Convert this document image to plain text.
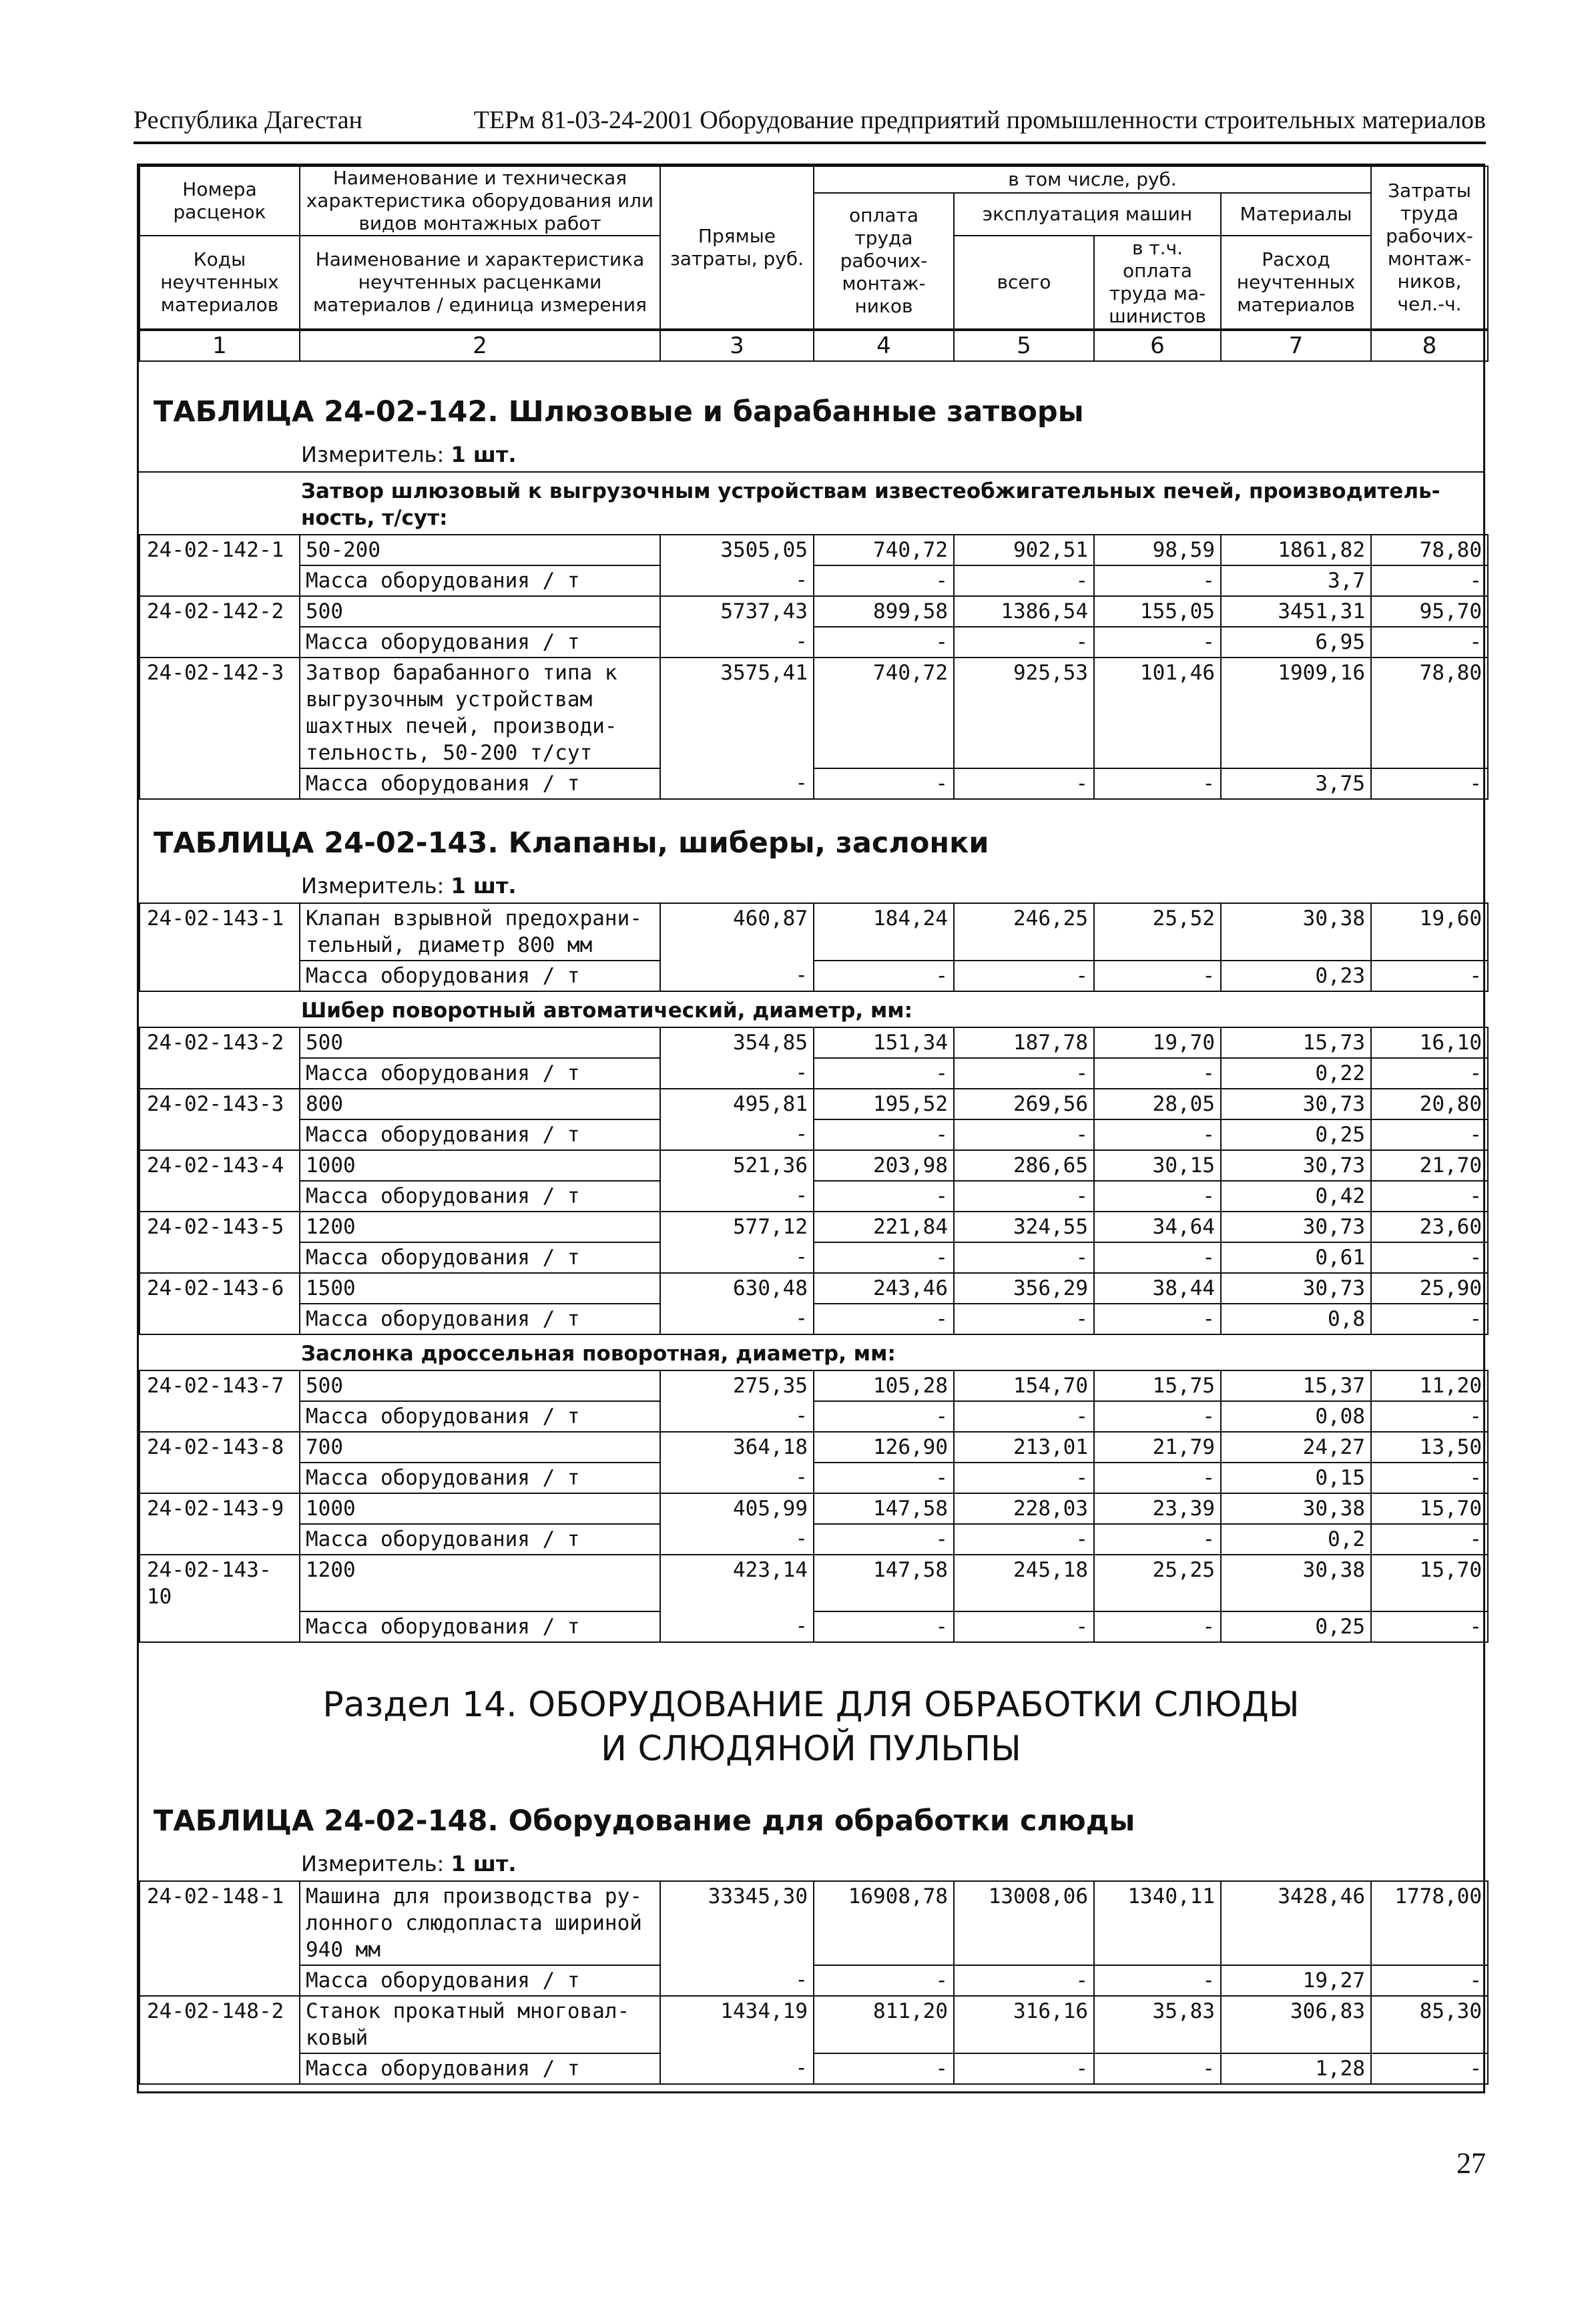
Республика Дагестан	ТЕРм 81-03-24-2001 Оборудование предприятий промышленности строительных материалов
Номера расценок	Наименование и техническая характеристика оборудования или видов монтажных работ	Прямые затраты, руб.	в том числе, руб.				Затраты труда рабочих-монтаж-ников, чел.-ч.
			оплата труда рабочих-монтаж-ников	эксплуатация машин		Материалы	
Коды неучтенных материалов	Наименование и характеристика неучтенных расценками материалов / единица измерения			всего	в т.ч. оплата труда ма-шинистов	Расход неучтенных материалов	

1	2	3	4	5	6	7	8
ТАБЛИЦА 24-02-142. Шлюзовые и барабанные затворы
Измеритель: 1 шт.
Затвор шлюзовый к выгрузочным устройствам известеобжигательных печей, производитель-ность, т/сут:
24-02-142-1	50-200	3505,05	740,72	902,51	98,59	1861,82	78,80
	Масса оборудования / т	-	-	-	-	3,7	-
24-02-142-2	500	5737,43	899,58	1386,54	155,05	3451,31	95,70
	Масса оборудования / т	-	-	-	-	6,95	-
24-02-142-3	Затвор барабанного типа к выгрузочным устройствам шахтных печей, производи-тельность, 50-200 т/сут	3575,41	740,72	925,53	101,46	1909,16	78,80
	Масса оборудования / т	-	-	-	-	3,75	-
ТАБЛИЦА 24-02-143. Клапаны, шиберы, заслонки
Измеритель: 1 шт.
24-02-143-1	Клапан взрывной предохрани-тельный, диаметр 800 мм	460,87	184,24	246,25	25,52	30,38	19,60
	Масса оборудования / т	-	-	-	-	0,23	-
Шибер поворотный автоматический, диаметр, мм:
24-02-143-2	500	354,85	151,34	187,78	19,70	15,73	16,10
	Масса оборудования / т	-	-	-	-	0,22	-
24-02-143-3	800	495,81	195,52	269,56	28,05	30,73	20,80
	Масса оборудования / т	-	-	-	-	0,25	-
24-02-143-4	1000	521,36	203,98	286,65	30,15	30,73	21,70
	Масса оборудования / т	-	-	-	-	0,42	-
24-02-143-5	1200	577,12	221,84	324,55	34,64	30,73	23,60
	Масса оборудования / т	-	-	-	-	0,61	-
24-02-143-6	1500	630,48	243,46	356,29	38,44	30,73	25,90
	Масса оборудования / т	-	-	-	-	0,8	-
Заслонка дроссельная поворотная, диаметр, мм:
24-02-143-7	500	275,35	105,28	154,70	15,75	15,37	11,20
	Масса оборудования / т	-	-	-	-	0,08	-
24-02-143-8	700	364,18	126,90	213,01	21,79	24,27	13,50
	Масса оборудования / т	-	-	-	-	0,15	-
24-02-143-9	1000	405,99	147,58	228,03	23,39	30,38	15,70
	Масса оборудования / т	-	-	-	-	0,2	-
24-02-143-10	1200	423,14	147,58	245,18	25,25	30,38	15,70
	Масса оборудования / т	-	-	-	-	0,25	-
Раздел 14. ОБОРУДОВАНИЕ ДЛЯ ОБРАБОТКИ СЛЮДЫ
И СЛЮДЯНОЙ ПУЛЬПЫ
ТАБЛИЦА 24-02-148. Оборудование для обработки слюды
Измеритель: 1 шт.
24-02-148-1	Машина для производства ру-лонного слюдопласта шириной 940 мм	33345,30	16908,78	13008,06	1340,11	3428,46	1778,00
	Масса оборудования / т	-	-	-	-	19,27	-
24-02-148-2	Станок прокатный многовал-ковый	1434,19	811,20	316,16	35,83	306,83	85,30
	Масса оборудования / т	-	-	-	-	1,28	-
27
